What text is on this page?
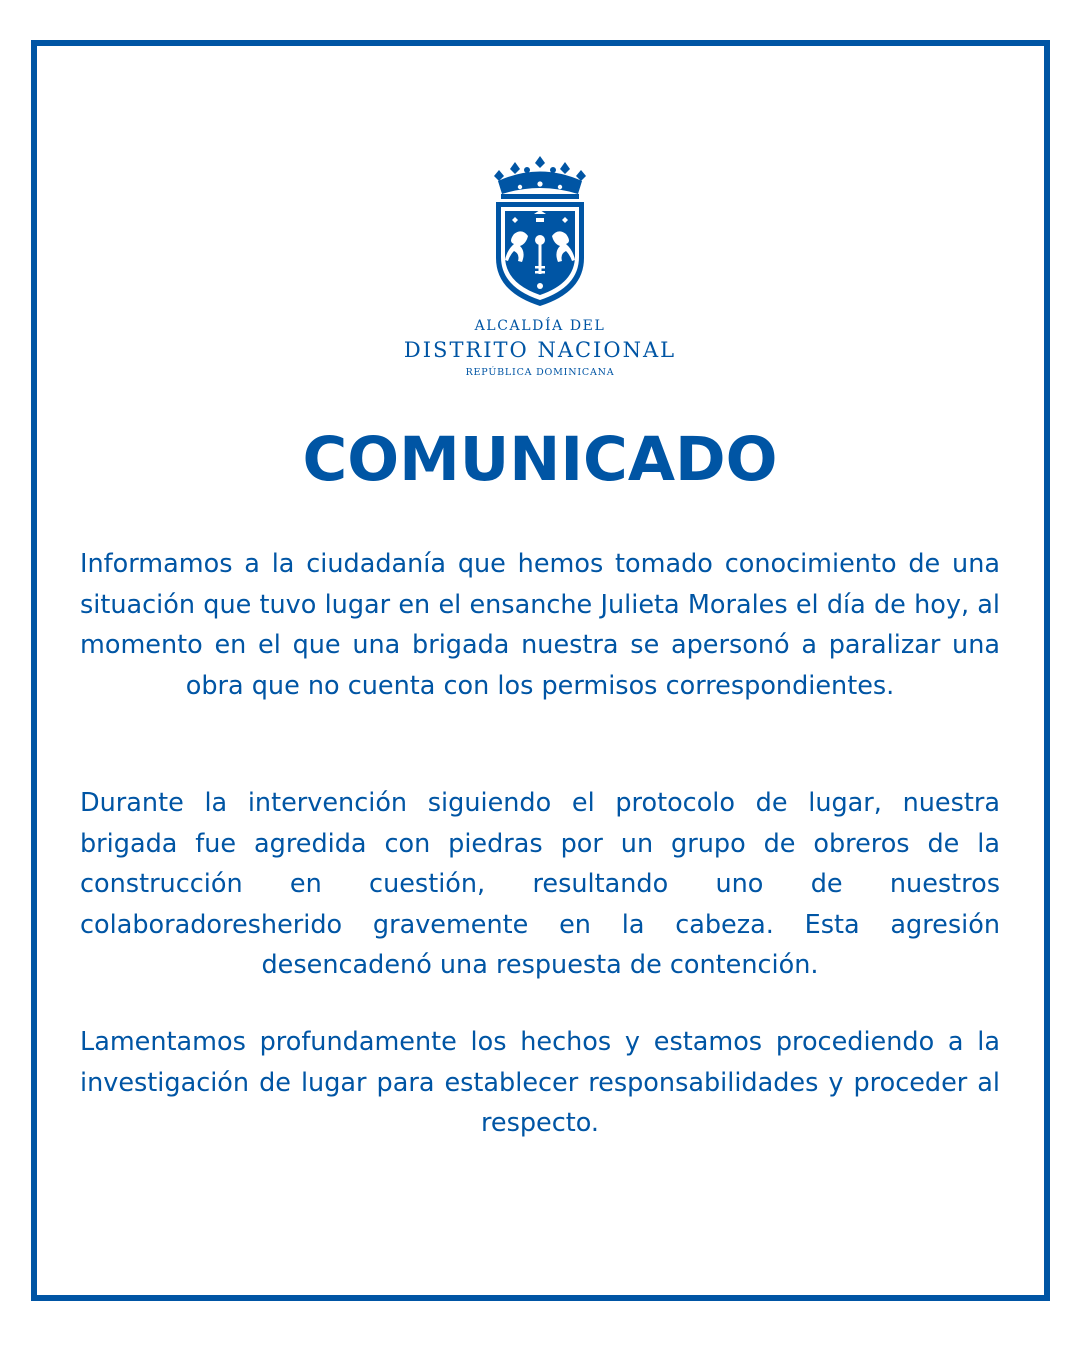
ALCALDÍA DEL
DISTRITO NACIONAL
REPÚBLICA DOMINICANA
COMUNICADO

Informamos a la ciudadanía que hemos tomado conocimiento de una situación que tuvo lugar en el ensanche Julieta Morales el día de hoy, al momento en el que una brigada nuestra se apersonó a paralizar una obra que no cuenta con los permisos correspondientes.

Durante la intervención siguiendo el protocolo de lugar, nuestra brigada fue agredida con piedras por un grupo de obreros de la construcción en cuestión, resultando uno de nuestros colaboradoresherido gravemente en la cabeza. Esta agresión desencadenó una respuesta de contención.

Lamentamos profundamente los hechos y estamos procediendo a la investigación de lugar para establecer responsabilidades y proceder al respecto.
